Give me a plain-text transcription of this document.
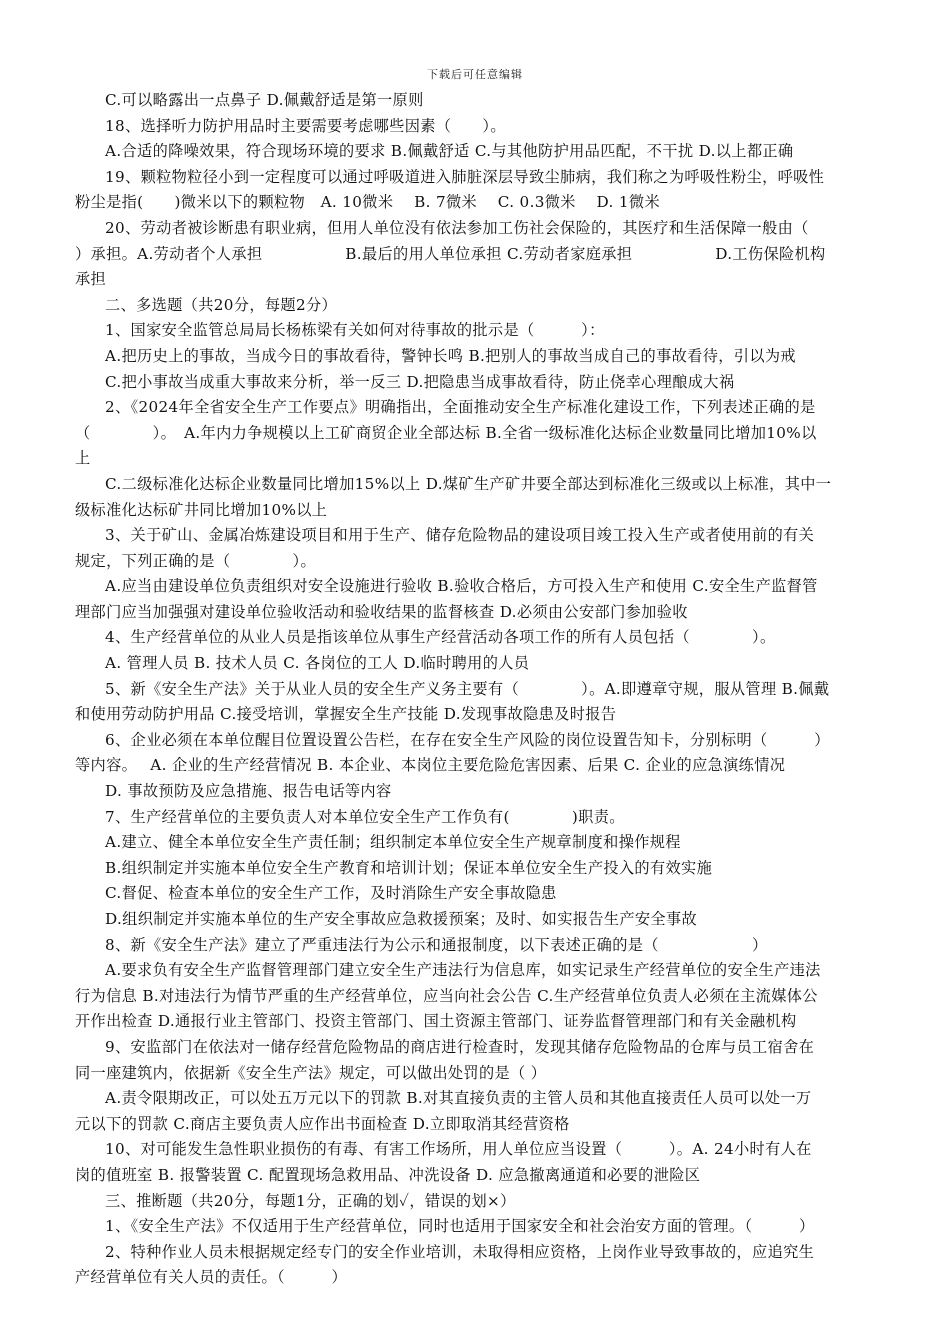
下载后可任意编辑
C.可以略露出一点鼻子 D.佩戴舒适是第一原则
18、选择听力防护用品时主要需要考虑哪些因素（　　）。
A.合适的降噪效果，符合现场环境的要求 B.佩戴舒适 C.与其他防护用品匹配，不干扰 D.以上都正确
19、颗粒物粒径小到一定程度可以通过呼吸道进入肺脏深层导致尘肺病，我们称之为呼吸性粉尘，呼吸性
粉尘是指(　　)微米以下的颗粒物　A. 10微米　 B. 7微米　 C. 0.3微米　 D. 1微米
20、劳动者被诊断患有职业病，但用人单位没有依法参加工伤社会保险的，其医疗和生活保障一般由（
）承担。A.劳动者个人承担　　　　　 B.最后的用人单位承担 C.劳动者家庭承担　　　　　 D.工伤保险机构
承担
二、多选题（共20分，每题2分）
1、国家安全监管总局局长杨栋梁有关如何对待事故的批示是（　　　）：
A.把历史上的事故，当成今日的事故看待，警钟长鸣 B.把别人的事故当成自己的事故看待，引以为戒
C.把小事故当成重大事故来分析，举一反三 D.把隐患当成事故看待，防止侥幸心理酿成大祸
2、《2024年全省安全生产工作要点》明确指出，全面推动安全生产标准化建设工作，下列表述正确的是
（　　　　）。　A.年内力争规模以上工矿商贸企业全部达标 B.全省一级标准化达标企业数量同比增加10%以
上
C.二级标准化达标企业数量同比增加15%以上 D.煤矿生产矿井要全部达到标准化三级或以上标准，其中一
级标准化达标矿井同比增加10%以上
3、关于矿山、金属冶炼建设项目和用于生产、储存危险物品的建设项目竣工投入生产或者使用前的有关
规定，下列正确的是（　　　　）。
A.应当由建设单位负责组织对安全设施进行验收 B.验收合格后，方可投入生产和使用 C.安全生产监督管
理部门应当加强强对建设单位验收活动和验收结果的监督核查 D.必须由公安部门参加验收
4、生产经营单位的从业人员是指该单位从事生产经营活动各项工作的所有人员包括（　　　　）。
A. 管理人员 B. 技术人员 C. 各岗位的工人 D.临时聘用的人员
5、新《安全生产法》关于从业人员的安全生产义务主要有（　　　　）。A.即遵章守规，服从管理 B.佩戴
和使用劳动防护用品 C.接受培训，掌握安全生产技能 D.发现事故隐患及时报告
6、企业必须在本单位醒目位置设置公告栏，在存在安全生产风险的岗位设置告知卡，分别标明（　　　）
等内容。　 A. 企业的生产经营情况 B. 本企业、本岗位主要危险危害因素、后果 C. 企业的应急演练情况
D. 事故预防及应急措施、报告电话等内容
7、生产经营单位的主要负责人对本单位安全生产工作负有(　　　　)职责。
A.建立、健全本单位安全生产责任制；组织制定本单位安全生产规章制度和操作规程
B.组织制定并实施本单位安全生产教育和培训计划；保证本单位安全生产投入的有效实施
C.督促、检查本单位的安全生产工作，及时消除生产安全事故隐患
D.组织制定并实施本单位的生产安全事故应急救援预案；及时、如实报告生产安全事故
8、新《安全生产法》建立了严重违法行为公示和通报制度，以下表述正确的是（　　　　　　）
A.要求负有安全生产监督管理部门建立安全生产违法行为信息库，如实记录生产经营单位的安全生产违法
行为信息 B.对违法行为情节严重的生产经营单位，应当向社会公告 C.生产经营单位负责人必须在主流媒体公
开作出检查 D.通报行业主管部门、投资主管部门、国土资源主管部门、证券监督管理部门和有关金融机构
9、安监部门在依法对一储存经营危险物品的商店进行检查时，发现其储存危险物品的仓库与员工宿舍在
同一座建筑内，依据新《安全生产法》规定，可以做出处罚的是（ ）
A.责令限期改正，可以处五万元以下的罚款 B.对其直接负责的主管人员和其他直接责任人员可以处一万
元以下的罚款 C.商店主要负责人应作出书面检查 D.立即取消其经营资格
10、对可能发生急性职业损伤的有毒、有害工作场所，用人单位应当设置（　　　）。A. 24小时有人在
岗的值班室 B. 报警装置 C. 配置现场急救用品、冲洗设备 D. 应急撤离通道和必要的泄险区
三、推断题（共20分，每题1分，正确的划✓，错误的划×）
1、《安全生产法》不仅适用于生产经营单位，同时也适用于国家安全和社会治安方面的管理。（　　　）
2、特种作业人员未根据规定经专门的安全作业培训，未取得相应资格，上岗作业导致事故的，应追究生
产经营单位有关人员的责任。（　　　）
